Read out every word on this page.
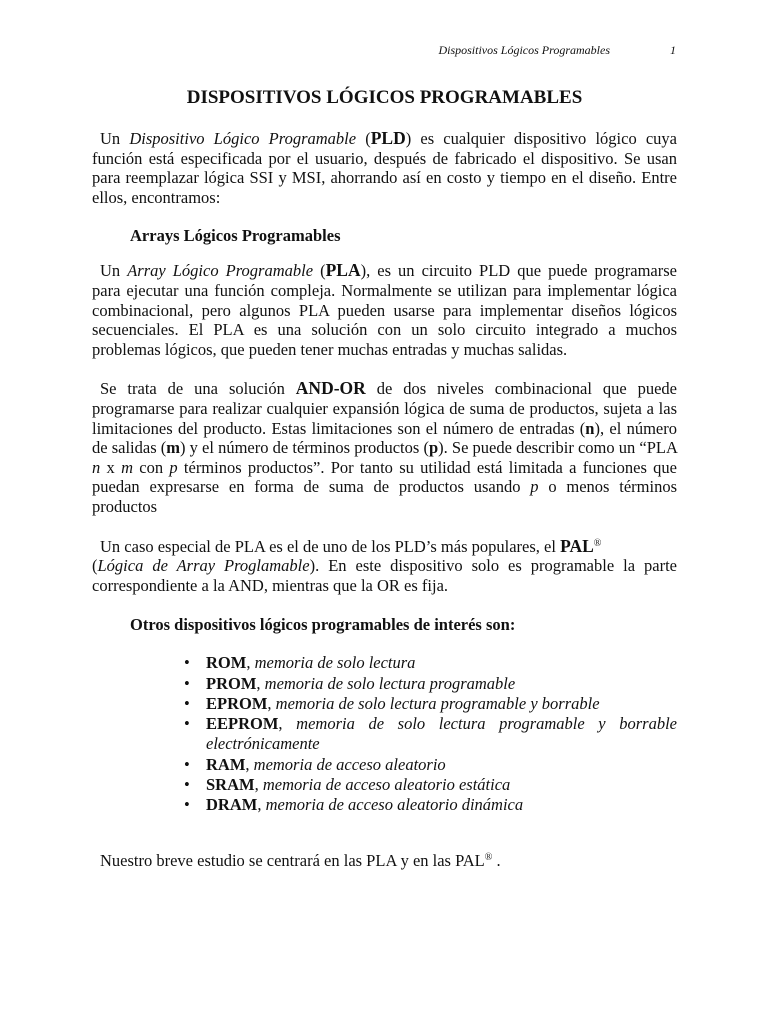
Dispositivos Lógicos Programables	1
DISPOSITIVOS LÓGICOS PROGRAMABLES

Un Dispositivo Lógico Programable (PLD) es cualquier dispositivo lógico cuya función está especificada por el usuario, después de fabricado el dispositivo. Se usan para reemplazar lógica SSI y MSI, ahorrando así en costo y tiempo en el diseño. Entre ellos, encontramos:

Arrays Lógicos Programables

Un Array Lógico Programable (PLA), es un circuito PLD que puede programarse para ejecutar una función compleja. Normalmente se utilizan para implementar lógica combinacional, pero algunos PLA pueden usarse para implementar diseños lógicos secuenciales. El PLA es una solución con un solo circuito integrado a muchos problemas lógicos, que pueden tener muchas entradas y muchas salidas.

Se trata de una solución AND-OR de dos niveles combinacional que puede programarse para realizar cualquier expansión lógica de suma de productos, sujeta a las limitaciones del producto. Estas limitaciones son el número de entradas (n), el número de salidas (m) y el número de términos productos (p). Se puede describir como un “PLA n x m con p términos productos”. Por tanto su utilidad está limitada a funciones que puedan expresarse en forma de suma de productos usando p o menos términos productos

Un caso especial de PLA es el de uno de los PLD’s más populares, el PAL®
(Lógica de Array Proglamable). En este dispositivo solo es programable la parte correspondiente a la AND, mientras que la OR es fija.

Otros dispositivos lógicos programables de interés son:
• ROM, memoria de solo lectura
• PROM, memoria de solo lectura programable
• EPROM, memoria de solo lectura programable y borrable
• EEPROM, memoria de solo lectura programable y borrable electrónicamente
• RAM, memoria de acceso aleatorio
• SRAM, memoria de acceso aleatorio estática
• DRAM, memoria de acceso aleatorio dinámica

Nuestro breve estudio se centrará en las PLA y en las PAL® .
